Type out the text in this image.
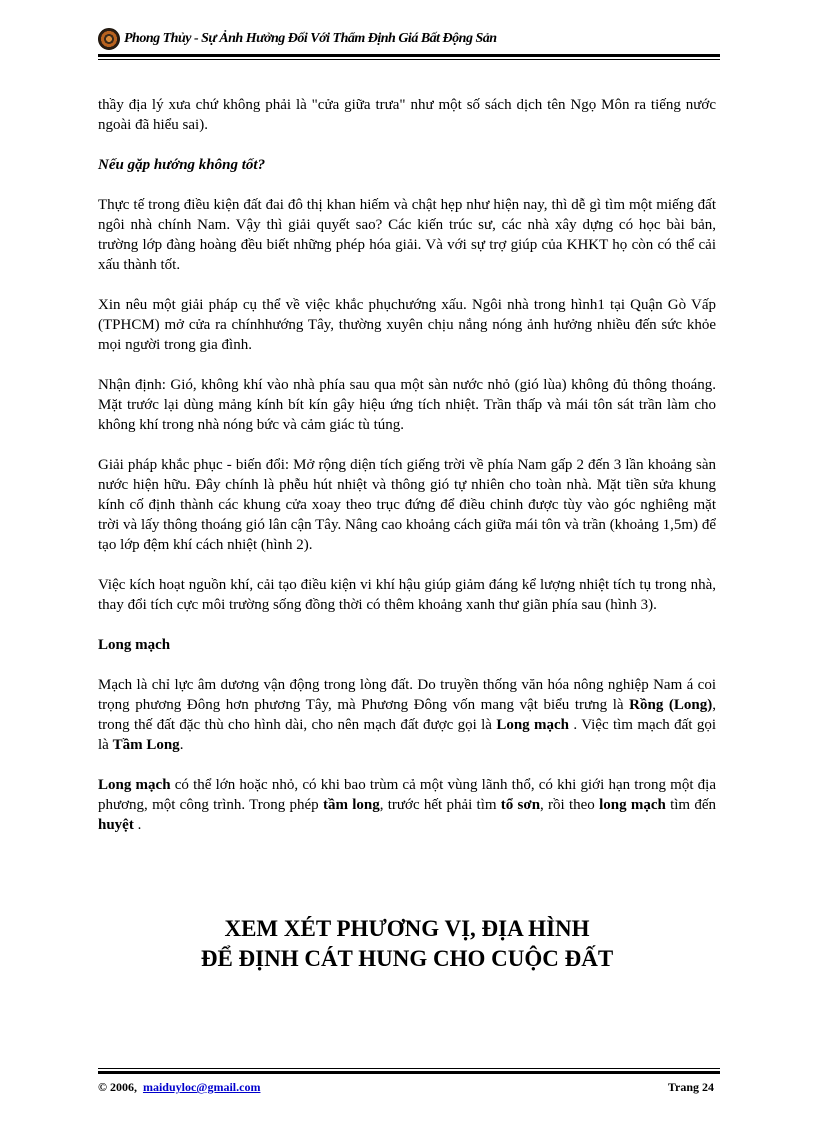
Phong Thủy - Sự Ảnh Hưởng Đối Với Thẩm Định Giá Bất Động Sản

thầy địa lý xưa chứ không phải là "cửa giữa trưa" như một số sách dịch tên Ngọ Môn ra tiếng nước ngoài đã hiểu sai).

Nếu gặp hướng không tốt?

Thực tế trong điều kiện đất đai đô thị khan hiếm và chật hẹp như hiện nay, thì dễ gì tìm một miếng đất ngôi nhà chính Nam. Vậy thì giải quyết sao? Các kiến trúc sư, các nhà xây dựng có học bài bản, trường lớp đàng hoàng đều biết những phép hóa giải. Và với sự trợ giúp của KHKT họ còn có thể cải xấu thành tốt.

Xin nêu một giải pháp cụ thể về việc khắc phụchướng xấu. Ngôi nhà trong hình1 tại Quận Gò Vấp (TPHCM) mở cửa ra chínhhướng Tây, thường xuyên chịu nắng nóng ảnh hưởng nhiều đến sức khỏe mọi người trong gia đình.

Nhận định: Gió, không khí vào nhà phía sau qua một sàn nước nhỏ (gió lùa) không đủ thông thoáng. Mặt trước lại dùng mảng kính bít kín gây hiệu ứng tích nhiệt. Trần thấp và mái tôn sát trần làm cho không khí trong nhà nóng bức và cảm giác tù túng.

Giải pháp khắc phục - biến đổi: Mở rộng diện tích giếng trời về phía Nam gấp 2 đến 3 lần khoảng sàn nước hiện hữu. Đây chính là phễu hút nhiệt và thông gió tự nhiên cho toàn nhà. Mặt tiền sửa khung kính cố định thành các khung cửa xoay theo trục đứng để điều chỉnh được tùy vào góc nghiêng mặt trời và lấy thông thoáng gió lân cận Tây. Nâng cao khoảng cách giữa mái tôn và trần (khoảng 1,5m) để tạo lớp đệm khí cách nhiệt (hình 2).

Việc kích hoạt nguồn khí, cải tạo điều kiện vi khí hậu giúp giảm đáng kể lượng nhiệt tích tụ trong nhà, thay đổi tích cực môi trường sống đồng thời có thêm khoảng xanh thư giãn phía sau (hình 3).

Long mạch

Mạch là chỉ lực âm dương vận động trong lòng đất. Do truyền thống văn hóa nông nghiệp Nam á coi trọng phương Đông hơn phương Tây, mà Phương Đông vốn mang vật biểu trưng là Rồng (Long), trong thế đất đặc thù cho hình dài, cho nên mạch đất được gọi là Long mạch . Việc tìm mạch đất gọi là Tầm Long.

Long mạch có thể lớn hoặc nhỏ, có khi bao trùm cả một vùng lãnh thổ, có khi giới hạn trong một địa phương, một công trình. Trong phép tầm long, trước hết phải tìm tổ sơn, rồi theo long mạch tìm đến huyệt .

XEM XÉT PHƯƠNG VỊ, ĐỊA HÌNH
ĐỂ ĐỊNH CÁT HUNG CHO CUỘC ĐẤT
© 2006, maiduyloc@gmail.com	Trang 24
